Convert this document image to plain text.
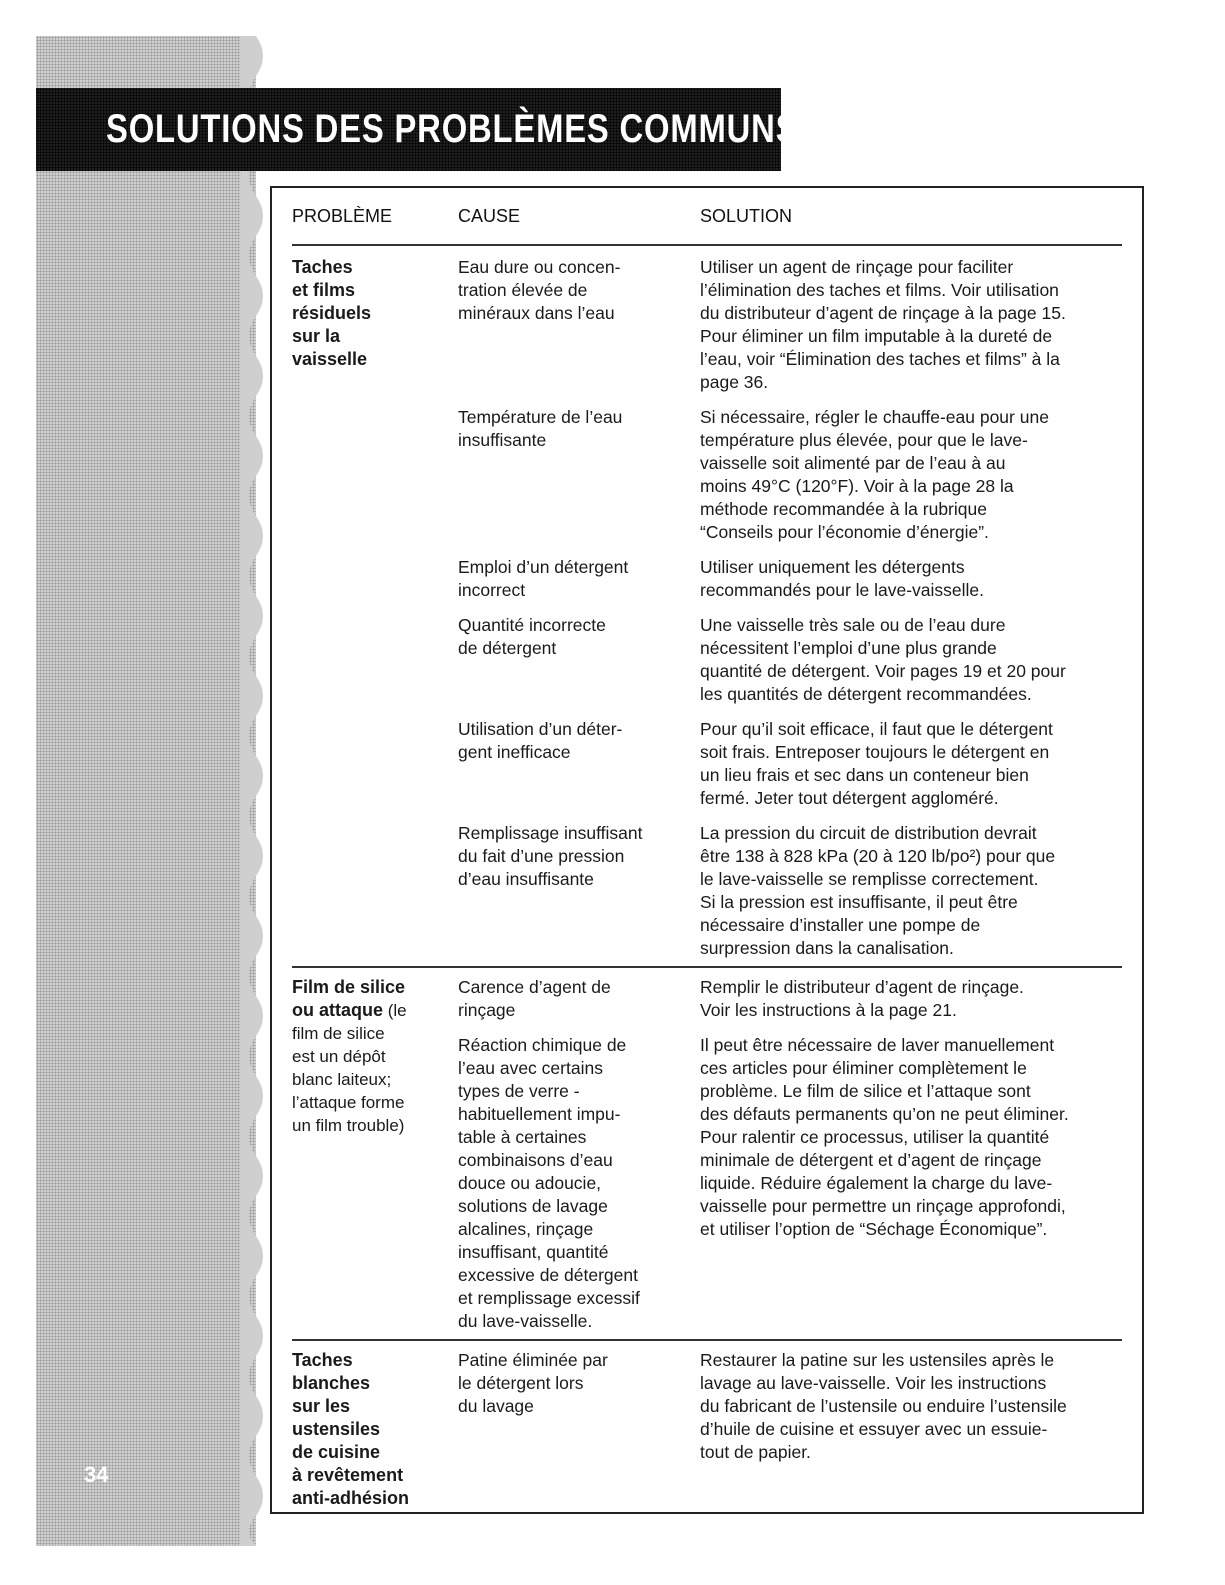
34
SOLUTIONS DES PROBLÈMES COMMUNS DU LAVE-VAISSELLE
PROBLÈME	CAUSE	SOLUTION
Taches
et films
résiduels
sur la
vaisselle
Eau dure ou concen-
tration élevée de
minéraux dans l’eau
Utiliser un agent de rinçage pour faciliter
l’élimination des taches et films. Voir utilisation
du distributeur d’agent de rinçage à la page 15.
Pour éliminer un film imputable à la dureté de
l’eau, voir “Élimination des taches et films” à la
page 36.
Température de l’eau
insuffisante
Si nécessaire, régler le chauffe-eau pour une
température plus élevée, pour que le lave-
vaisselle soit alimenté par de l’eau à au
moins 49°C (120°F). Voir à la page 28 la
méthode recommandée à la rubrique
“Conseils pour l’économie d’énergie”.
Emploi d’un détergent
incorrect
Utiliser uniquement les détergents
recommandés pour le lave-vaisselle.
Quantité incorrecte
de détergent
Une vaisselle très sale ou de l’eau dure
nécessitent l’emploi d’une plus grande
quantité de détergent. Voir pages 19 et 20 pour
les quantités de détergent recommandées.
Utilisation d’un déter-
gent inefficace
Pour qu’il soit efficace, il faut que le détergent
soit frais. Entreposer toujours le détergent en
un lieu frais et sec dans un conteneur bien
fermé. Jeter tout détergent aggloméré.
Remplissage insuffisant
du fait d’une pression
d’eau insuffisante
La pression du circuit de distribution devrait
être 138 à 828 kPa (20 à 120 lb/po²) pour que
le lave-vaisselle se remplisse correctement.
Si la pression est insuffisante, il peut être
nécessaire d’installer une pompe de
surpression dans la canalisation.
Film de silice
ou attaque (le
film de silice
est un dépôt
blanc laiteux;
l’attaque forme
un film trouble)
Carence d’agent de
rinçage
Remplir le distributeur d’agent de rinçage.
Voir les instructions à la page 21.
Réaction chimique de
l’eau avec certains
types de verre -
habituellement impu-
table à certaines
combinaisons d’eau
douce ou adoucie,
solutions de lavage
alcalines, rinçage
insuffisant, quantité
excessive de détergent
et remplissage excessif
du lave-vaisselle.
Il peut être nécessaire de laver manuellement
ces articles pour éliminer complètement le
problème. Le film de silice et l’attaque sont
des défauts permanents qu’on ne peut éliminer.
Pour ralentir ce processus, utiliser la quantité
minimale de détergent et d’agent de rinçage
liquide. Réduire également la charge du lave-
vaisselle pour permettre un rinçage approfondi,
et utiliser l’option de “Séchage Économique”.
Taches
blanches
sur les
ustensiles
de cuisine
à revêtement
anti-adhésion
Patine éliminée par
le détergent lors
du lavage
Restaurer la patine sur les ustensiles après le
lavage au lave-vaisselle. Voir les instructions
du fabricant de l’ustensile ou enduire l’ustensile
d’huile de cuisine et essuyer avec un essuie-
tout de papier.
